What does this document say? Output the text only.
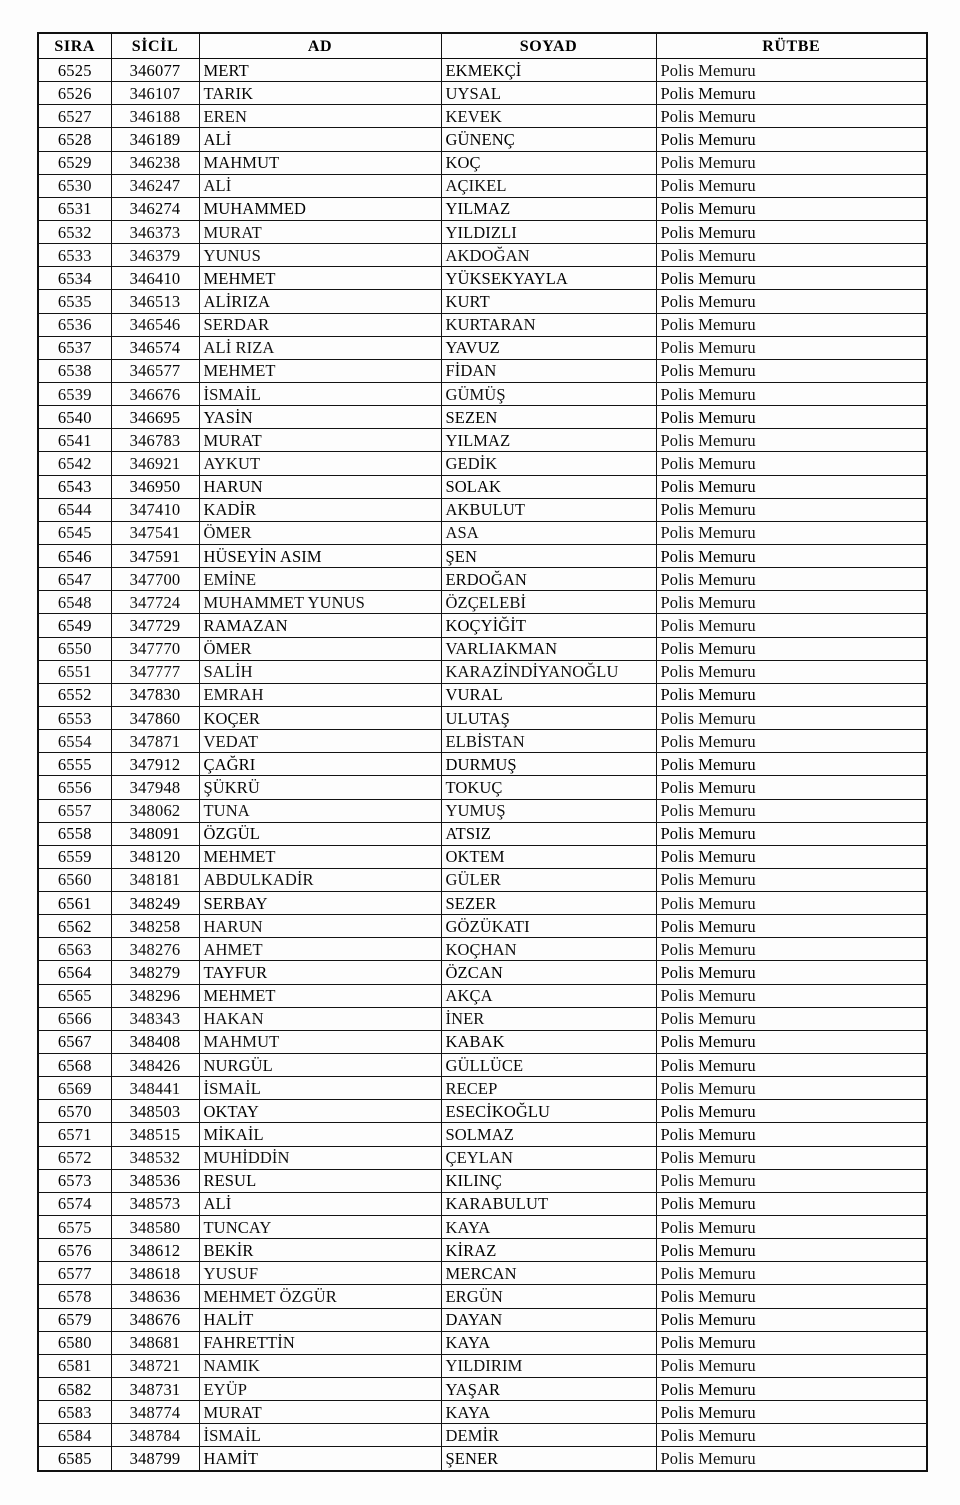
SIRA	SİCİL	AD	SOYAD	RÜTBE
6525	346077	MERT	EKMEKÇİ	Polis Memuru
6526	346107	TARIK	UYSAL	Polis Memuru
6527	346188	EREN	KEVEK	Polis Memuru
6528	346189	ALİ	GÜNENÇ	Polis Memuru
6529	346238	MAHMUT	KOÇ	Polis Memuru
6530	346247	ALİ	AÇIKEL	Polis Memuru
6531	346274	MUHAMMED	YILMAZ	Polis Memuru
6532	346373	MURAT	YILDIZLI	Polis Memuru
6533	346379	YUNUS	AKDOĞAN	Polis Memuru
6534	346410	MEHMET	YÜKSEKYAYLA	Polis Memuru
6535	346513	ALİRIZA	KURT	Polis Memuru
6536	346546	SERDAR	KURTARAN	Polis Memuru
6537	346574	ALİ RIZA	YAVUZ	Polis Memuru
6538	346577	MEHMET	FİDAN	Polis Memuru
6539	346676	İSMAİL	GÜMÜŞ	Polis Memuru
6540	346695	YASİN	SEZEN	Polis Memuru
6541	346783	MURAT	YILMAZ	Polis Memuru
6542	346921	AYKUT	GEDİK	Polis Memuru
6543	346950	HARUN	SOLAK	Polis Memuru
6544	347410	KADİR	AKBULUT	Polis Memuru
6545	347541	ÖMER	ASA	Polis Memuru
6546	347591	HÜSEYİN ASIM	ŞEN	Polis Memuru
6547	347700	EMİNE	ERDOĞAN	Polis Memuru
6548	347724	MUHAMMET YUNUS	ÖZÇELEBİ	Polis Memuru
6549	347729	RAMAZAN	KOÇYİĞİT	Polis Memuru
6550	347770	ÖMER	VARLIAKMAN	Polis Memuru
6551	347777	SALİH	KARAZİNDİYANOĞLU	Polis Memuru
6552	347830	EMRAH	VURAL	Polis Memuru
6553	347860	KOÇER	ULUTAŞ	Polis Memuru
6554	347871	VEDAT	ELBİSTAN	Polis Memuru
6555	347912	ÇAĞRI	DURMUŞ	Polis Memuru
6556	347948	ŞÜKRÜ	TOKUÇ	Polis Memuru
6557	348062	TUNA	YUMUŞ	Polis Memuru
6558	348091	ÖZGÜL	ATSIZ	Polis Memuru
6559	348120	MEHMET	OKTEM	Polis Memuru
6560	348181	ABDULKADİR	GÜLER	Polis Memuru
6561	348249	SERBAY	SEZER	Polis Memuru
6562	348258	HARUN	GÖZÜKATI	Polis Memuru
6563	348276	AHMET	KOÇHAN	Polis Memuru
6564	348279	TAYFUR	ÖZCAN	Polis Memuru
6565	348296	MEHMET	AKÇA	Polis Memuru
6566	348343	HAKAN	İNER	Polis Memuru
6567	348408	MAHMUT	KABAK	Polis Memuru
6568	348426	NURGÜL	GÜLLÜCE	Polis Memuru
6569	348441	İSMAİL	RECEP	Polis Memuru
6570	348503	OKTAY	ESECİKOĞLU	Polis Memuru
6571	348515	MİKAİL	SOLMAZ	Polis Memuru
6572	348532	MUHİDDİN	ÇEYLAN	Polis Memuru
6573	348536	RESUL	KILINÇ	Polis Memuru
6574	348573	ALİ	KARABULUT	Polis Memuru
6575	348580	TUNCAY	KAYA	Polis Memuru
6576	348612	BEKİR	KİRAZ	Polis Memuru
6577	348618	YUSUF	MERCAN	Polis Memuru
6578	348636	MEHMET ÖZGÜR	ERGÜN	Polis Memuru
6579	348676	HALİT	DAYAN	Polis Memuru
6580	348681	FAHRETTİN	KAYA	Polis Memuru
6581	348721	NAMIK	YILDIRIM	Polis Memuru
6582	348731	EYÜP	YAŞAR	Polis Memuru
6583	348774	MURAT	KAYA	Polis Memuru
6584	348784	İSMAİL	DEMİR	Polis Memuru
6585	348799	HAMİT	ŞENER	Polis Memuru
